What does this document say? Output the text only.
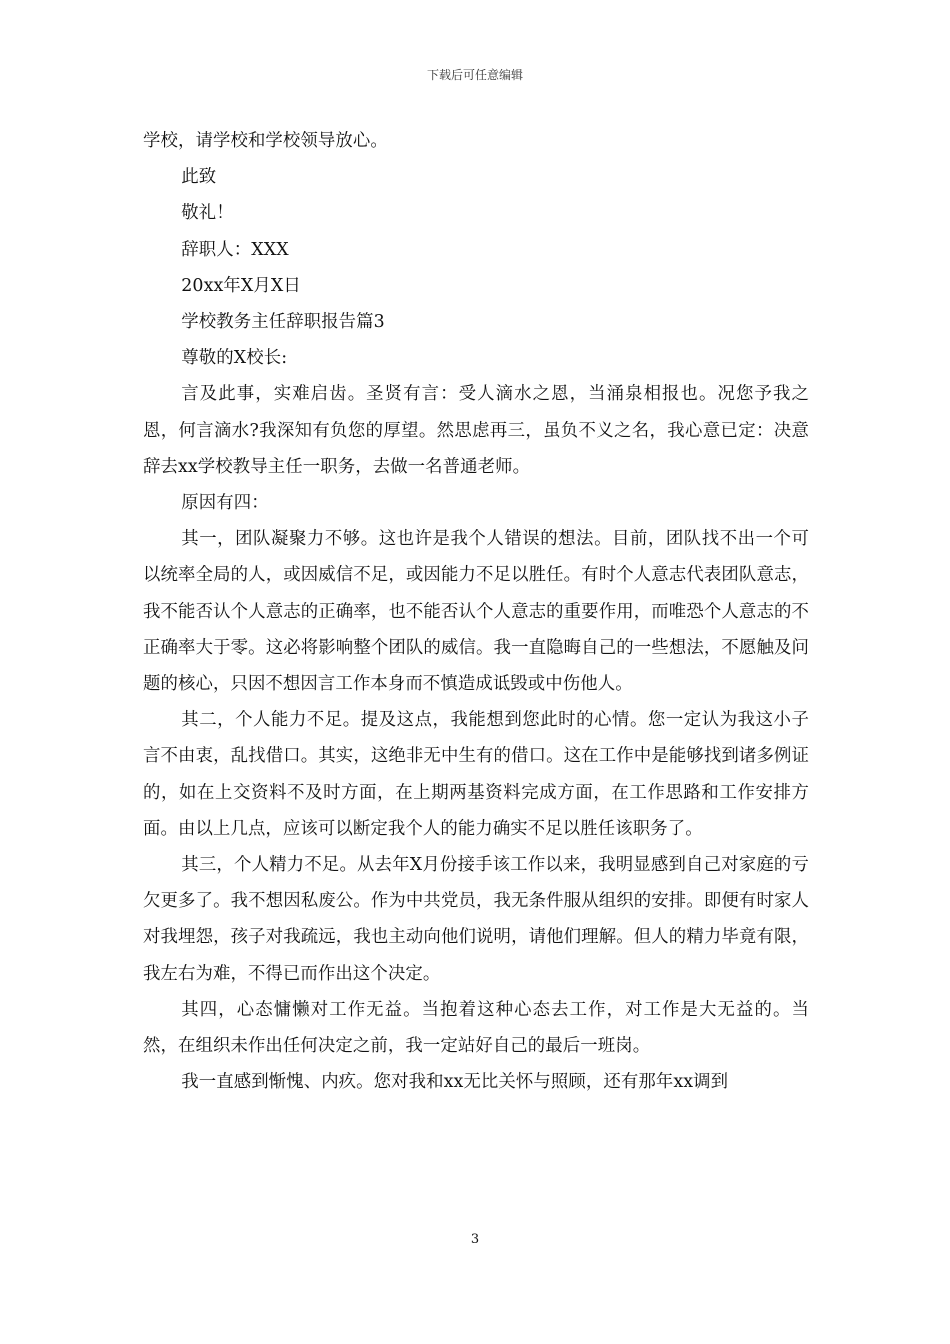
下载后可任意编辑

学校，请学校和学校领导放心。

此致

敬礼！

辞职人：XXX

20xx年X月X日

学校教务主任辞职报告篇3

尊敬的X校长:

言及此事，实难启齿。圣贤有言：受人滴水之恩，当涌泉相报也。况您予我之恩，何言滴水?我深知有负您的厚望。然思虑再三，虽负不义之名，我心意已定：决意辞去xx学校教导主任一职务，去做一名普通老师。

原因有四：

其一，团队凝聚力不够。这也许是我个人错误的想法。目前，团队找不出一个可以统率全局的人，或因威信不足，或因能力不足以胜任。有时个人意志代表团队意志，我不能否认个人意志的正确率，也不能否认个人意志的重要作用，而唯恐个人意志的不正确率大于零。这必将影响整个团队的威信。我一直隐晦自己的一些想法，不愿触及问题的核心，只因不想因言工作本身而不慎造成诋毁或中伤他人。

其二，个人能力不足。提及这点，我能想到您此时的心情。您一定认为我这小子言不由衷，乱找借口。其实，这绝非无中生有的借口。这在工作中是能够找到诸多例证的，如在上交资料不及时方面，在上期两基资料完成方面，在工作思路和工作安排方面。由以上几点，应该可以断定我个人的能力确实不足以胜任该职务了。

其三，个人精力不足。从去年X月份接手该工作以来，我明显感到自己对家庭的亏欠更多了。我不想因私废公。作为中共党员，我无条件服从组织的安排。即便有时家人对我埋怨，孩子对我疏远，我也主动向他们说明，请他们理解。但人的精力毕竟有限，我左右为难，不得已而作出这个决定。

其四，心态慵懒对工作无益。当抱着这种心态去工作，对工作是大无益的。当然，在组织未作出任何决定之前，我一定站好自己的最后一班岗。

我一直感到惭愧、内疚。您对我和xx无比关怀与照顾，还有那年xx调到

3
